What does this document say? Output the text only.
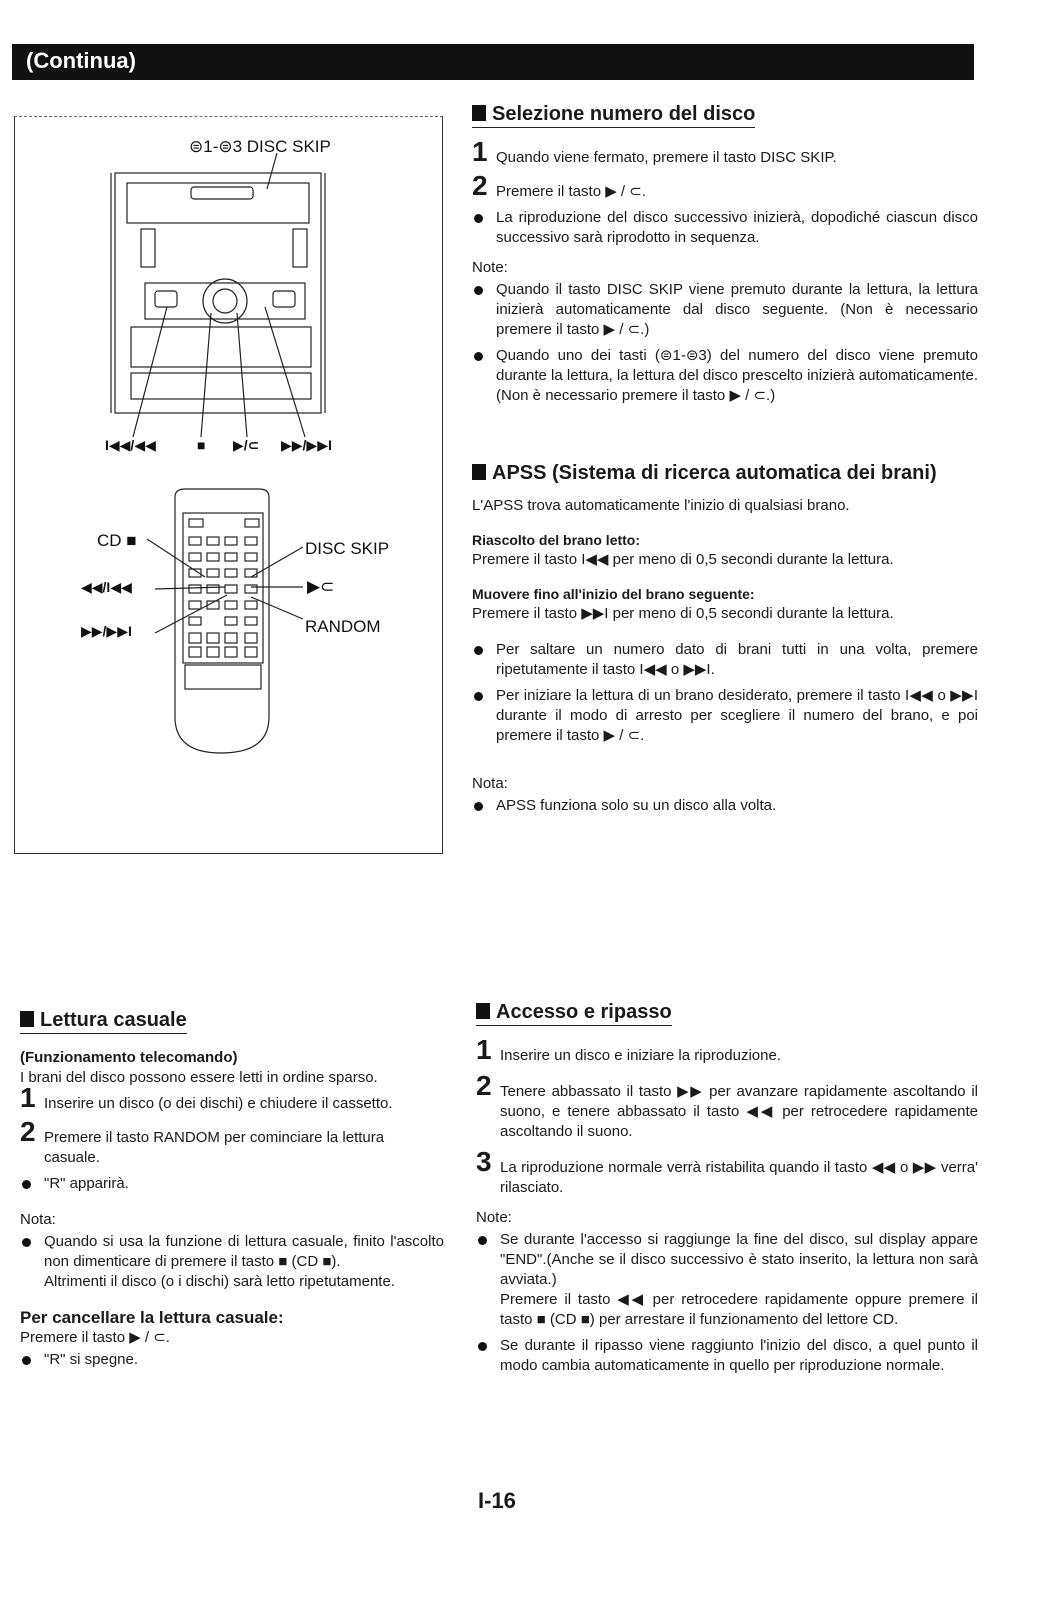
(Continua)
⊜1-⊜3 DISC SKIP
I◀◀/◀◀	■ ▶/⊂ ▶▶/▶▶I
CD ■
◀◀/I◀◀
▶▶/▶▶I
DISC SKIP
▶⊂
RANDOM
Selezione numero del disco
1 Quando viene fermato, premere il tasto DISC SKIP.
2 Premere il tasto ▶ / ⊂.
La riproduzione del disco successivo inizierà, dopodiché ciascun disco successivo sarà riprodotto in sequenza.
Note:
Quando il tasto DISC SKIP viene premuto durante la lettura, la lettura inizierà automaticamente dal disco seguente. (Non è necessario premere il tasto ▶ / ⊂.)
Quando uno dei tasti (⊜1-⊜3) del numero del disco viene premuto durante la lettura, la lettura del disco prescelto inizierà automaticamente. (Non è necessario premere il tasto ▶ / ⊂.)
APSS (Sistema di ricerca automatica dei brani)
L'APSS trova automaticamente l'inizio di qualsiasi brano.
Riascolto del brano letto:
Premere il tasto I◀◀ per meno di 0,5 secondi durante la lettura.
Muovere fino all'inizio del brano seguente:
Premere il tasto ▶▶I per meno di 0,5 secondi durante la lettura.
Per saltare un numero dato di brani tutti in una volta, premere ripetutamente il tasto I◀◀ o ▶▶I.
Per iniziare la lettura di un brano desiderato, premere il tasto I◀◀ o ▶▶I durante il modo di arresto per scegliere il numero del brano, e poi premere il tasto ▶ / ⊂.
Nota:
APSS funziona solo su un disco alla volta.
Lettura casuale
(Funzionamento telecomando)
I brani del disco possono essere letti in ordine sparso.
1 Inserire un disco (o dei dischi) e chiudere il cassetto.
2 Premere il tasto RANDOM per cominciare la lettura casuale.
"R" apparirà.
Nota:
Quando si usa la funzione di lettura casuale, finito l'ascolto non dimenticare di premere il tasto ■ (CD ■).
Altrimenti il disco (o i dischi) sarà letto ripetutamente.
Per cancellare la lettura casuale:
Premere il tasto ▶ / ⊂.
"R" si spegne.
Accesso e ripasso
1 Inserire un disco e iniziare la riproduzione.
2 Tenere abbassato il tasto ▶▶ per avanzare rapidamente ascoltando il suono, e tenere abbassato il tasto ◀◀ per retrocedere rapidamente ascoltando il suono.
3 La riproduzione normale verrà ristabilita quando il tasto ◀◀ o ▶▶ verra' rilasciato.
Note:
Se durante l'accesso si raggiunge la fine del disco, sul display appare "END".(Anche se il disco successivo è stato inserito, la lettura non sarà avviata.)
Premere il tasto ◀◀ per retrocedere rapidamente oppure premere il tasto ■ (CD ■) per arrestare il funzionamento del lettore CD.
Se durante il ripasso viene raggiunto l'inizio del disco, a quel punto il modo cambia automaticamente in quello per riproduzione normale.
I-16
